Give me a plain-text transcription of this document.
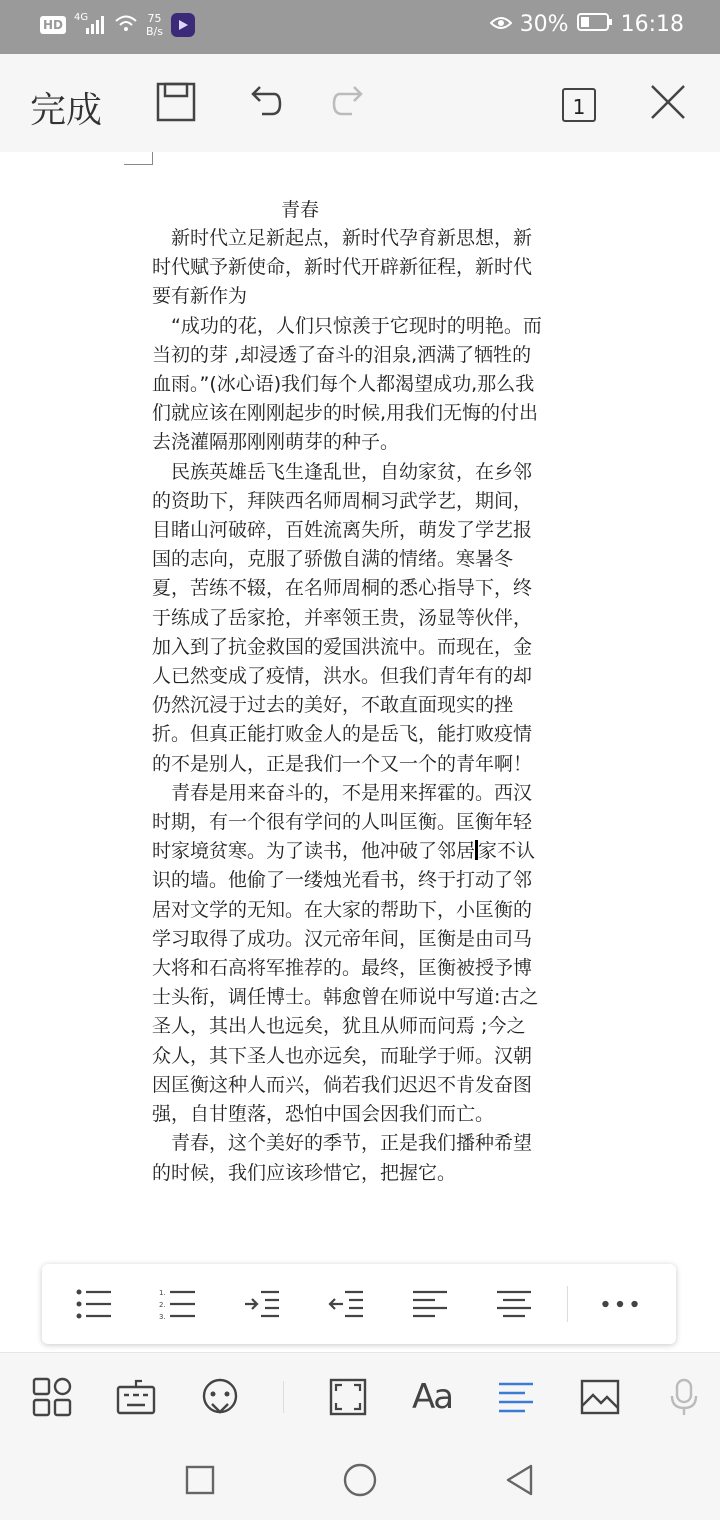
HD
4G	75
B/s	30% 16:18
完成	1
青春

新时代立足新起点，新时代孕育新思想，新时代赋予新使命，新时代开辟新征程，新时代要有新作为

“成功的花，人们只惊羡于它现时的明艳。而当初的芽 ,却浸透了奋斗的泪泉,洒满了牺牲的血雨。”(冰心语)我们每个人都渴望成功,那么我们就应该在刚刚起步的时候,用我们无悔的付出 去浇灌隔那刚刚萌芽的种子。

民族英雄岳飞生逢乱世，自幼家贫，在乡邻的资助下，拜陕西名师周桐习武学艺，期间，目睹山河破碎，百姓流离失所，萌发了学艺报国的志向，克服了骄傲自满的情绪。寒暑冬夏，苦练不辍，在名师周桐的悉心指导下，终于练成了岳家抢，并率领王贵，汤显等伙伴，加入到了抗金救国的爱国洪流中。而现在，金人已然变成了疫情，洪水。但我们青年有的却仍然沉浸于过去的美好，不敢直面现实的挫折。但真正能打败金人的是岳飞，能打败疫情的不是别人，正是我们一个又一个的青年啊！

青春是用来奋斗的，不是用来挥霍的。西汉时期，有一个很有学问的人叫匡衡。匡衡年轻时家境贫寒。为了读书，他冲破了邻居 家不认识的墙。他偷了一缕烛光看书，终于打动了邻居对文学的无知。在大家的帮助下，小匡衡的学习取得了成功。汉元帝年间，匡衡是由司马大将和石高将军推荐的。最终，匡衡被授予博士头衔，调任博士。韩愈曾在师说中写道:古之圣人，其出人也远矣，犹且从师而问焉 ;今之众人，其下圣人也亦远矣，而耻学于师。汉朝因匡衡这种人而兴，倘若我们迟迟不肯发奋图强，自甘堕落，恐怕中国会因我们而亡。

青春，这个美好的季节，正是我们播种希望的时候，我们应该珍惜它，把握它。

1.
2.
3.
Aa
